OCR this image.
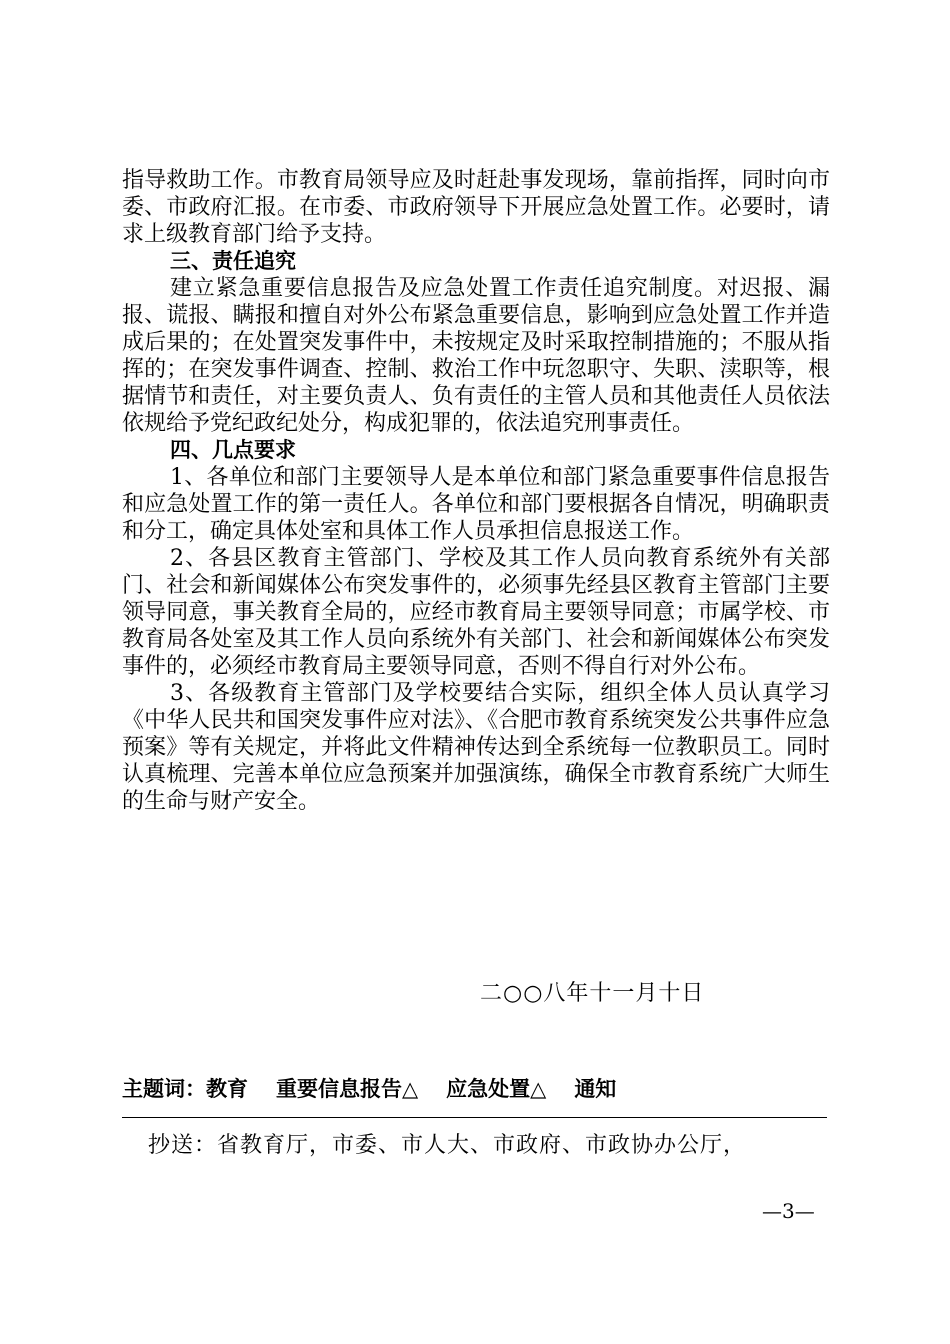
指导救助工作。市教育局领导应及时赶赴事发现场，靠前指挥，同时向市委、市政府汇报。在市委、市政府领导下开展应急处置工作。必要时，请求上级教育部门给予支持。

三、责任追究

建立紧急重要信息报告及应急处置工作责任追究制度。对迟报、漏报、谎报、瞒报和擅自对外公布紧急重要信息，影响到应急处置工作并造成后果的；在处置突发事件中，未按规定及时采取控制措施的；不服从指挥的；在突发事件调查、控制、救治工作中玩忽职守、失职、渎职等，根据情节和责任，对主要负责人、负有责任的主管人员和其他责任人员依法依规给予党纪政纪处分，构成犯罪的，依法追究刑事责任。

四、几点要求

1、各单位和部门主要领导人是本单位和部门紧急重要事件信息报告和应急处置工作的第一责任人。各单位和部门要根据各自情况，明确职责和分工，确定具体处室和具体工作人员承担信息报送工作。

2、各县区教育主管部门、学校及其工作人员向教育系统外有关部门、社会和新闻媒体公布突发事件的，必须事先经县区教育主管部门主要领导同意，事关教育全局的，应经市教育局主要领导同意；市属学校、市教育局各处室及其工作人员向系统外有关部门、社会和新闻媒体公布突发事件的，必须经市教育局主要领导同意，否则不得自行对外公布。

3、各级教育主管部门及学校要结合实际，组织全体人员认真学习《中华人民共和国突发事件应对法》、《合肥市教育系统突发公共事件应急预案》等有关规定，并将此文件精神传达到全系统每一位教职员工。同时认真梳理、完善本单位应急预案并加强演练，确保全市教育系统广大师生的生命与财产安全。

二○○八年十一月十日
主题词：教育 重要信息报告△ 应急处置△ 通知
抄送：省教育厅，市委、市人大、市政府、市政协办公厅，
—3—
